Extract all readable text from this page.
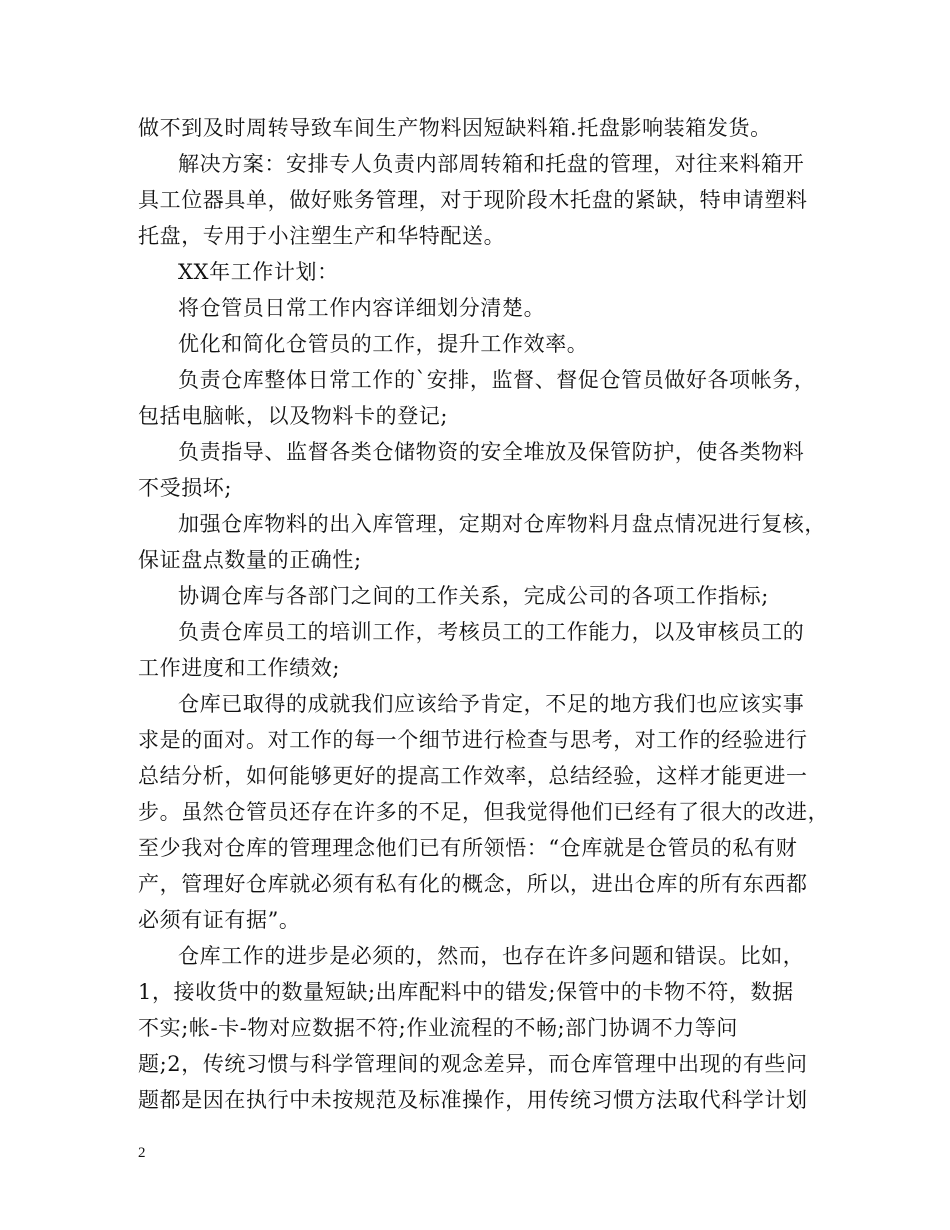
做不到及时周转导致车间生产物料因短缺料箱.托盘影响装箱发货。
解决方案：安排专人负责内部周转箱和托盘的管理，对往来料箱开
具工位器具单，做好账务管理，对于现阶段木托盘的紧缺，特申请塑料
托盘，专用于小注塑生产和华特配送。
XX年工作计划：
将仓管员日常工作内容详细划分清楚。
优化和简化仓管员的工作，提升工作效率。
负责仓库整体日常工作的`安排，监督、督促仓管员做好各项帐务，
包括电脑帐，以及物料卡的登记;
负责指导、监督各类仓储物资的安全堆放及保管防护，使各类物料
不受损坏;
加强仓库物料的出入库管理，定期对仓库物料月盘点情况进行复核，
保证盘点数量的正确性;
协调仓库与各部门之间的工作关系，完成公司的各项工作指标;
负责仓库员工的培训工作，考核员工的工作能力，以及审核员工的
工作进度和工作绩效;
仓库已取得的成就我们应该给予肯定，不足的地方我们也应该实事
求是的面对。对工作的每一个细节进行检查与思考，对工作的经验进行
总结分析，如何能够更好的提高工作效率，总结经验，这样才能更进一
步。虽然仓管员还存在许多的不足，但我觉得他们已经有了很大的改进，
至少我对仓库的管理理念他们已有所领悟：“仓库就是仓管员的私有财
产，管理好仓库就必须有私有化的概念，所以，进出仓库的所有东西都
必须有证有据”。
仓库工作的进步是必须的，然而，也存在许多问题和错误。比如，
1，接收货中的数量短缺;出库配料中的错发;保管中的卡物不符，数据
不实;帐-卡-物对应数据不符;作业流程的不畅;部门协调不力等问
题;2，传统习惯与科学管理间的观念差异，而仓库管理中出现的有些问
题都是因在执行中未按规范及标准操作，用传统习惯方法取代科学计划
2
